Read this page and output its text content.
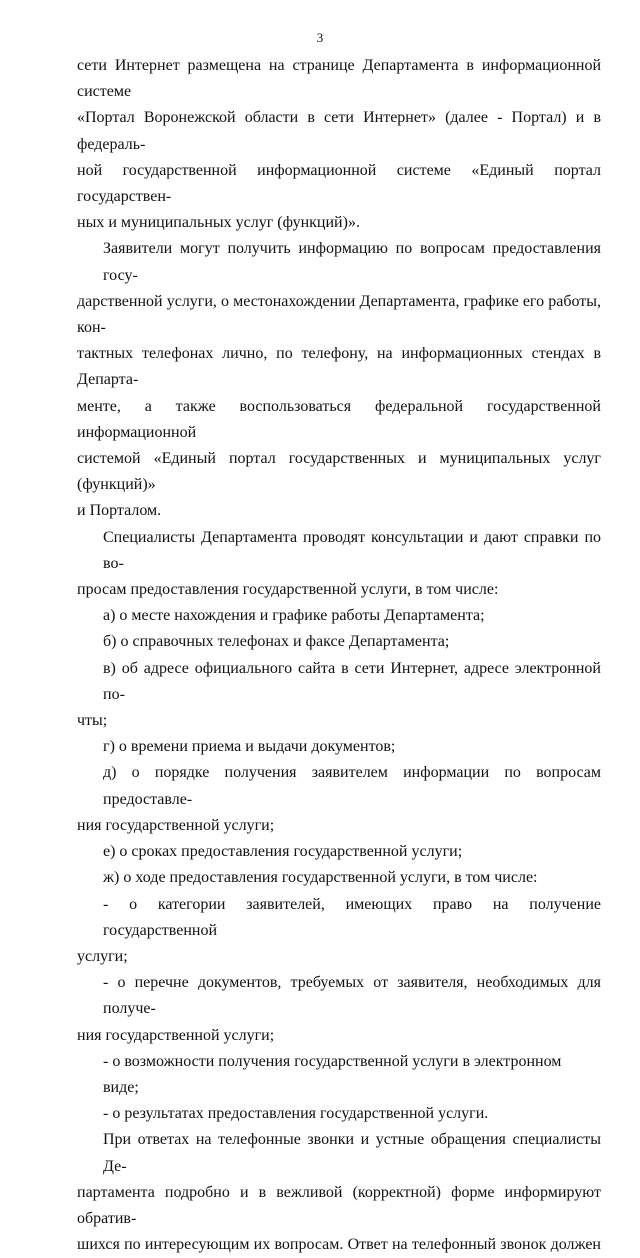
3
сети Интернет размещена на странице Департамента в информационной системе
«Портал Воронежской области в сети Интернет» (далее - Портал) и в федераль-
ной государственной информационной системе «Единый портал государствен-
ных и муниципальных услуг (функций)».
Заявители могут получить информацию по вопросам предоставления госу-
дарственной услуги, о местонахождении Департамента, графике его работы, кон-
тактных телефонах лично, по телефону, на информационных стендах в Департа-
менте, а также воспользоваться федеральной государственной информационной
системой «Единый портал государственных и муниципальных услуг (функций)»
и Порталом.
Специалисты Департамента проводят консультации и дают справки по во-
просам предоставления государственной услуги, в том числе:
а) о месте нахождения и графике работы Департамента;
б) о справочных телефонах и факсе Департамента;
в) об адресе официального сайта в сети Интернет, адресе электронной по-
чты;
г) о времени приема и выдачи документов;
д) о порядке получения заявителем информации по вопросам предоставле-
ния государственной услуги;
е) о сроках предоставления государственной услуги;
ж) о ходе предоставления государственной услуги, в том числе:
- о категории заявителей, имеющих право на получение государственной
услуги;
- о перечне документов, требуемых от заявителя, необходимых для получе-
ния государственной услуги;
- о возможности получения государственной услуги в электронном виде;
- о результатах предоставления государственной услуги.
При ответах на телефонные звонки и устные обращения специалисты Де-
партамента подробно и в вежливой (корректной) форме информируют обратив-
шихся по интересующим их вопросам. Ответ на телефонный звонок должен
